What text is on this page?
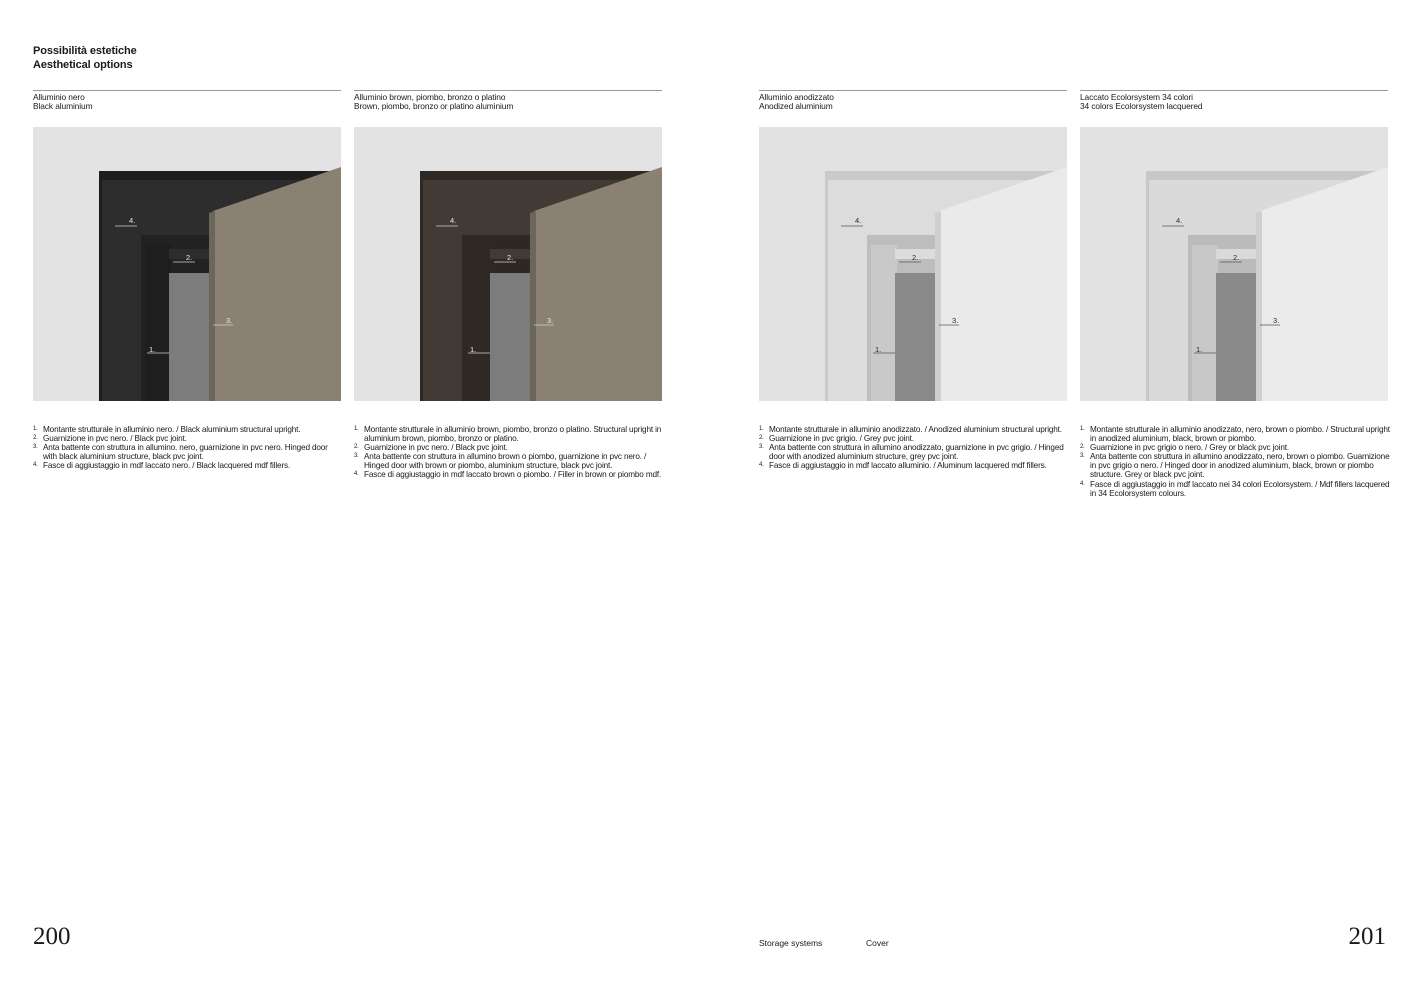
Possibilità estetiche
Aesthetical options
Alluminio nero
Black aluminium
1.
2.
3.
4.
1. Montante strutturale in alluminio nero. / Black aluminium structural upright.
2. Guarnizione in pvc nero. / Black pvc joint.
3. Anta battente con struttura in allumino. nero, guarnizione in pvc nero. Hinged door with black aluminium structure, black pvc joint.
4. Fasce di aggiustaggio in mdf laccato nero. / Black lacquered mdf fillers.
Alluminio brown, piombo, bronzo o platino
Brown, piombo, bronzo or platino aluminium
1.
2.
3.
4.
1. Montante strutturale in alluminio brown, piombo, bronzo o platino. Structural upright in aluminium brown, piombo, bronzo or platino.
2. Guarnizione in pvc nero. / Black pvc joint.
3. Anta battente con struttura in allumino brown o piombo, guarnizione in pvc nero. / Hinged door with brown or piombo, aluminium structure, black pvc joint.
4. Fasce di aggiustaggio in mdf laccato brown o piombo. / Filler in brown or piombo mdf.
Alluminio anodizzato
Anodized aluminium
1.
2.
3.
4.
1. Montante strutturale in alluminio anodizzato. / Anodized aluminium structural upright.
2. Guarnizione in pvc grigio. / Grey pvc joint.
3. Anta battente con struttura in allumino anodizzato, guarnizione in pvc grigio. / Hinged door with anodized aluminium structure, grey pvc joint.
4. Fasce di aggiustaggio in mdf laccato alluminio. / Aluminum lacquered mdf fillers.
Laccato Ecolorsystem 34 colori
34 colors Ecolorsystem lacquered
1.
2.
3.
4.
1. Montante strutturale in alluminio anodizzato, nero, brown o piombo. / Structural upright in anodized aluminium, black, brown or piombo.
2. Guarnizione in pvc grigio o nero. / Grey or black pvc joint.
3. Anta battente con struttura in allumino anodizzato, nero, brown o piombo. Guarnizione in pvc grigio o nero. / Hinged door in anodized aluminium, black, brown or piombo structure. Grey or black pvc joint.
4. Fasce di aggiustaggio in mdf laccato nei 34 colori Ecolorsystem. / Mdf fillers lacquered in 34 Ecolorsystem colours.
200	201
Storage systems	Cover
